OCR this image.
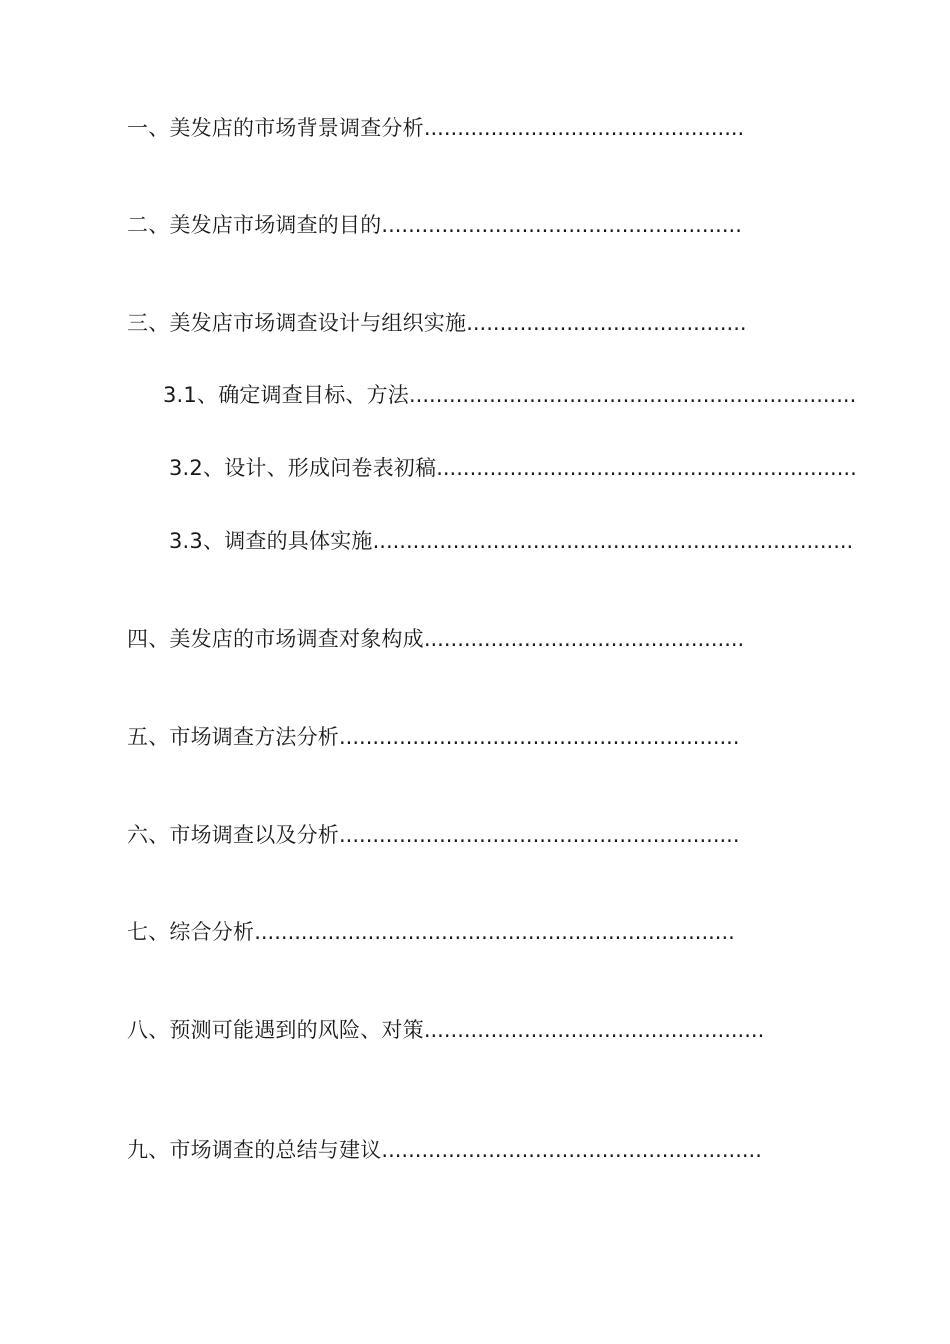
一、美发店的市场背景调查分析................................................
二、美发店市场调查的目的......................................................
三、美发店市场调查设计与组织实施..........................................
3.1、确定调查目标、方法...................................................................
3.2、设计、形成问卷表初稿...............................................................
3.3、调查的具体实施........................................................................
四、美发店的市场调查对象构成................................................
五、市场调查方法分析............................................................
六、市场调查以及分析............................................................
七、综合分析........................................................................
八、预测可能遇到的风险、对策...................................................
九、市场调查的总结与建议.........................................................
